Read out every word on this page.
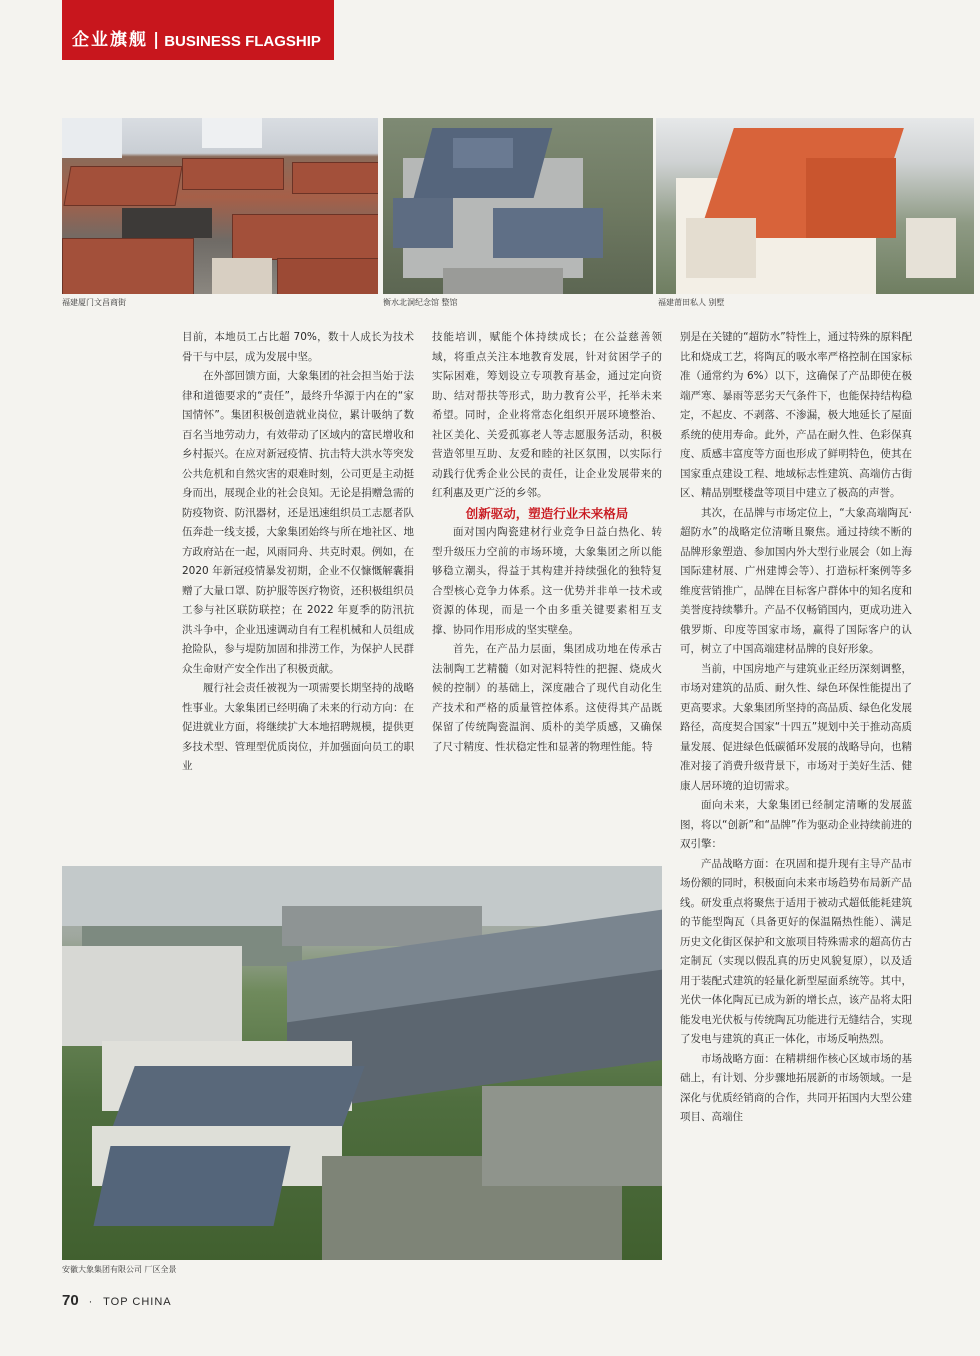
企业旗舰 | BUSINESS FLAGSHIP
福建厦门文昌商街	衡水北洞纪念馆 整馆	福建莆田私人 别墅

目前，本地员工占比超 70%，数十人成长为技术骨干与中层，成为发展中坚。

在外部回馈方面，大象集团的社会担当始于法律和道德要求的“责任”，最终升华源于内在的“家国情怀”。集团积极创造就业岗位，累计吸纳了数百名当地劳动力，有效带动了区域内的富民增收和乡村振兴。在应对新冠疫情、抗击特大洪水等突发公共危机和自然灾害的艰难时刻，公司更是主动挺身而出，展现企业的社会良知。无论是捐赠急需的防疫物资、防汛器材，还是迅速组织员工志愿者队伍奔赴一线支援，大象集团始终与所在地社区、地方政府站在一起，风雨同舟、共克时艰。例如，在 2020 年新冠疫情暴发初期，企业不仅慷慨解囊捐赠了大量口罩、防护服等医疗物资，还积极组织员工参与社区联防联控；在 2022 年夏季的防汛抗洪斗争中，企业迅速调动自有工程机械和人员组成抢险队，参与堤防加固和排涝工作，为保护人民群众生命财产安全作出了积极贡献。

履行社会责任被视为一项需要长期坚持的战略性事业。大象集团已经明确了未来的行动方向：在促进就业方面，将继续扩大本地招聘规模，提供更多技术型、管理型优质岗位，并加强面向员工的职业

技能培训，赋能个体持续成长；在公益慈善领域，将重点关注本地教育发展，针对贫困学子的实际困难，筹划设立专项教育基金，通过定向资助、结对帮扶等形式，助力教育公平，托举未来希望。同时，企业将常态化组织开展环境整治、社区美化、关爱孤寡老人等志愿服务活动，积极营造邻里互助、友爱和睦的社区氛围，以实际行动践行优秀企业公民的责任，让企业发展带来的红利惠及更广泛的乡邻。

创新驱动，塑造行业未来格局

面对国内陶瓷建材行业竞争日益白热化、转型升级压力空前的市场环境，大象集团之所以能够稳立潮头，得益于其构建并持续强化的独特复合型核心竞争力体系。这一优势并非单一技术或资源的体现，而是一个由多重关键要素相互支撑、协同作用形成的坚实壁垒。

首先，在产品力层面，集团成功地在传承古法制陶工艺精髓（如对泥料特性的把握、烧成火候的控制）的基础上，深度融合了现代自动化生产技术和严格的质量管控体系。这使得其产品既保留了传统陶瓷温润、质朴的美学质感，又确保了尺寸精度、性状稳定性和显著的物理性能。特

别是在关键的“超防水”特性上，通过特殊的原料配比和烧成工艺，将陶瓦的吸水率严格控制在国家标准（通常约为 6%）以下，这确保了产品即使在极端严寒、暴雨等恶劣天气条件下，也能保持结构稳定，不起皮、不剥落、不渗漏，极大地延长了屋面系统的使用寿命。此外，产品在耐久性、色彩保真度、质感丰富度等方面也形成了鲜明特色，使其在国家重点建设工程、地域标志性建筑、高端仿古街区、精品别墅楼盘等项目中建立了极高的声誉。

其次，在品牌与市场定位上，“大象高端陶瓦·超防水”的战略定位清晰且聚焦。通过持续不断的品牌形象塑造、参加国内外大型行业展会（如上海国际建材展、广州建博会等）、打造标杆案例等多维度营销推广，品牌在目标客户群体中的知名度和美誉度持续攀升。产品不仅畅销国内，更成功进入俄罗斯、印度等国家市场，赢得了国际客户的认可，树立了中国高端建材品牌的良好形象。

当前，中国房地产与建筑业正经历深刻调整，市场对建筑的品质、耐久性、绿色环保性能提出了更高要求。大象集团所坚持的高品质、绿色化发展路径，高度契合国家“十四五”规划中关于推动高质量发展、促进绿色低碳循环发展的战略导向，也精准对接了消费升级背景下，市场对于美好生活、健康人居环境的迫切需求。

面向未来，大象集团已经制定清晰的发展蓝图，将以“创新”和“品牌”作为驱动企业持续前进的双引擎：

产品战略方面：在巩固和提升现有主导产品市场份额的同时，积极面向未来市场趋势布局新产品线。研发重点将聚焦于适用于被动式超低能耗建筑的节能型陶瓦（具备更好的保温隔热性能）、满足历史文化街区保护和文旅项目特殊需求的超高仿古定制瓦（实现以假乱真的历史风貌复原），以及适用于装配式建筑的轻量化新型屋面系统等。其中，光伏一体化陶瓦已成为新的增长点，该产品将太阳能发电光伏板与传统陶瓦功能进行无缝结合，实现了发电与建筑的真正一体化，市场反响热烈。

市场战略方面：在精耕细作核心区域市场的基础上，有计划、分步骤地拓展新的市场领域。一是深化与优质经销商的合作，共同开拓国内大型公建项目、高端住

安徽大象集团有限公司 厂区全景
70 · TOP CHINA
